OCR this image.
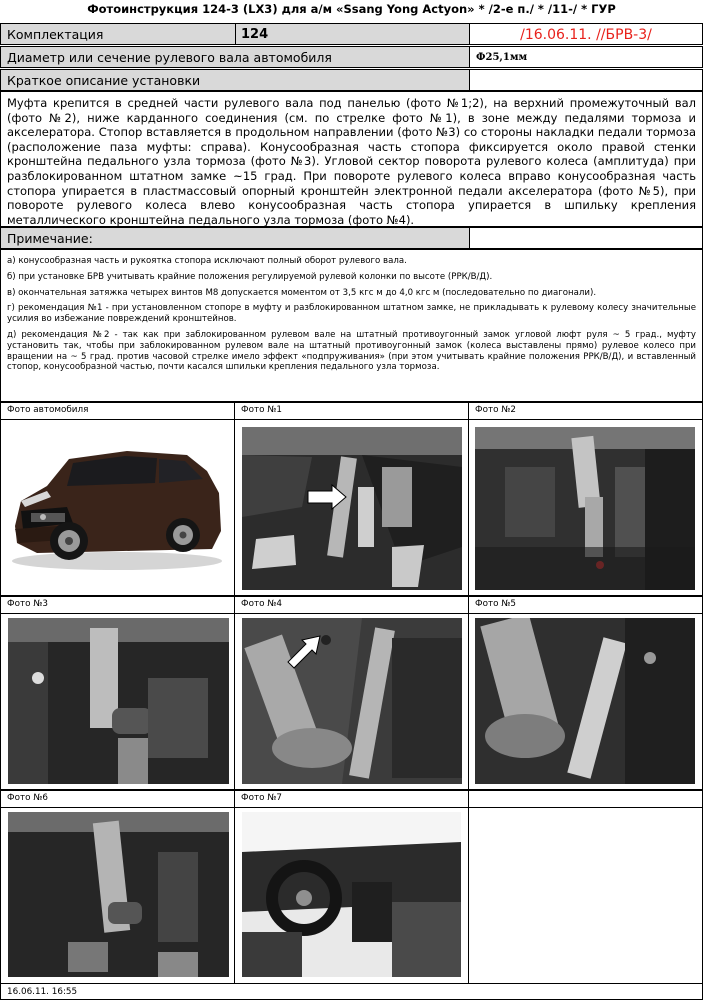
Фотоинструкция 124-3 (LX3) для а/м «Ssang Yong Actyon» * /2-е п./ * /11-/ * ГУР
Комплектация	124	/16.06.11. //БРВ-3/
Диаметр или сечение рулевого вала автомобиля	Ф25,1мм
Краткое описание установки
Муфта крепится в средней части рулевого вала под панелью (фото №1;2), на верхний промежуточный вал (фото №2), ниже карданного соединения (см. по стрелке фото №1), в зоне между педалями тормоза и акселератора. Стопор вставляется в продольном направлении (фото №3) со стороны накладки педали тормоза (расположение паза муфты: справа). Конусообразная часть стопора фиксируется около правой стенки кронштейна педального узла тормоза (фото №3). Угловой сектор поворота рулевого колеса (амплитуда) при разблокированном штатном замке ~15 град. При повороте рулевого колеса вправо конусообразная часть стопора упирается в пластмассовый опорный кронштейн электронной педали акселератора (фото №5), при повороте рулевого колеса влево конусообразная часть стопора упирается в шпильку крепления металлического кронштейна педального узла тормоза (фото №4).
Примечание:

а) конусообразная часть и рукоятка стопора исключают полный оборот рулевого вала.

б) при установке БРВ учитывать крайние положения регулируемой рулевой колонки по высоте (РРК/В/Д).

в) окончательная затяжка четырех винтов М8 допускается моментом от 3,5 кгс м до 4,0 кгс м (последовательно по диагонали).

г) рекомендация №1 - при установленном стопоре в муфту и разблокированном штатном замке, не прикладывать к рулевому колесу значительные усилия во избежание повреждений кронштейнов.

д) рекомендация №2 - так как при заблокированном рулевом вале на штатный противоугонный замок угловой люфт руля ~ 5 град., муфту установить так, чтобы при заблокированном рулевом вале на штатный противоугонный замок (колеса выставлены прямо) рулевое колесо при вращении на ~ 5 град. против часовой стрелке имело эффект «подпруживания» (при этом учитывать крайние положения РРК/В/Д), и вставленный стопор, конусообразной частью, почти касался шпильки крепления педального узла тормоза.

Фото автомобиля	Фото №1	Фото №2
Фото №3	Фото №4	Фото №5
Фото №6	Фото №7
16.06.11. 16:55
